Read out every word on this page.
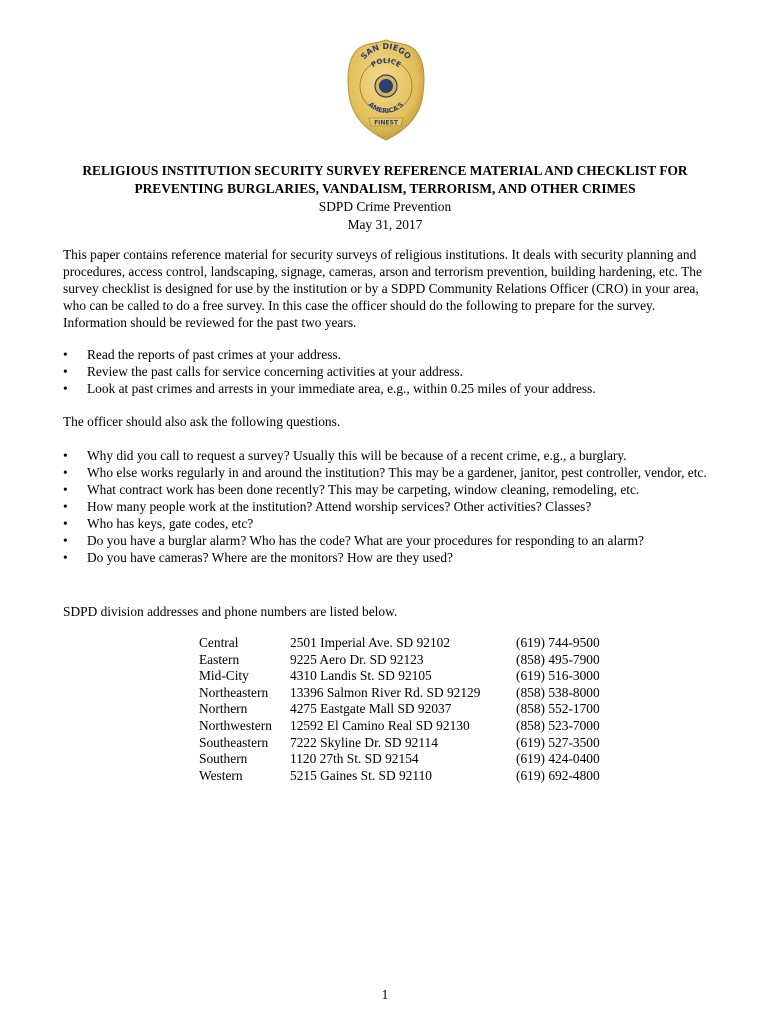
SAN DIEGO
POLICE
AMERICA'S
FINEST
RELIGIOUS INSTITUTION SECURITY SURVEY REFERENCE MATERIAL AND CHECKLIST FOR
PREVENTING BURGLARIES, VANDALISM, TERRORISM, AND OTHER CRIMES
SDPD Crime Prevention
May 31, 2017

This paper contains reference material for security surveys of religious institutions. It deals with security planning and procedures, access control, landscaping, signage, cameras, arson and terrorism prevention, building hardening, etc. The survey checklist is designed for use by the institution or by a SDPD Community Relations Officer (CRO) in your area, who can be called to do a free survey. In this case the officer should do the following to prepare for the survey. Information should be reviewed for the past two years.

•	Read the reports of past crimes at your address.
•	Review the past calls for service concerning activities at your address.
•	Look at past crimes and arrests in your immediate area, e.g., within 0.25 miles of your address.

The officer should also ask the following questions.

•	Why did you call to request a survey? Usually this will be because of a recent crime, e.g., a burglary.
•	Who else works regularly in and around the institution? This may be a gardener, janitor, pest controller, vendor, etc.
•	What contract work has been done recently? This may be carpeting, window cleaning, remodeling, etc.
•	How many people work at the institution? Attend worship services? Other activities? Classes?
•	Who has keys, gate codes, etc?
•	Do you have a burglar alarm? Who has the code? What are your procedures for responding to an alarm?
•	Do you have cameras? Where are the monitors? How are they used?

SDPD division addresses and phone numbers are listed below.

Central	2501 Imperial Ave. SD 92102	(619) 744-9500
Eastern	9225 Aero Dr. SD 92123	(858) 495-7900
Mid-City	4310 Landis St. SD 92105	(619) 516-3000
Northeastern	13396 Salmon River Rd. SD 92129	(858) 538-8000
Northern	4275 Eastgate Mall SD 92037	(858) 552-1700
Northwestern	12592 El Camino Real SD 92130	(858) 523-7000
Southeastern	7222 Skyline Dr. SD 92114	(619) 527-3500
Southern	1120 27th St. SD 92154	(619) 424-0400
Western	5215 Gaines St. SD 92110	(619) 692-4800
1
